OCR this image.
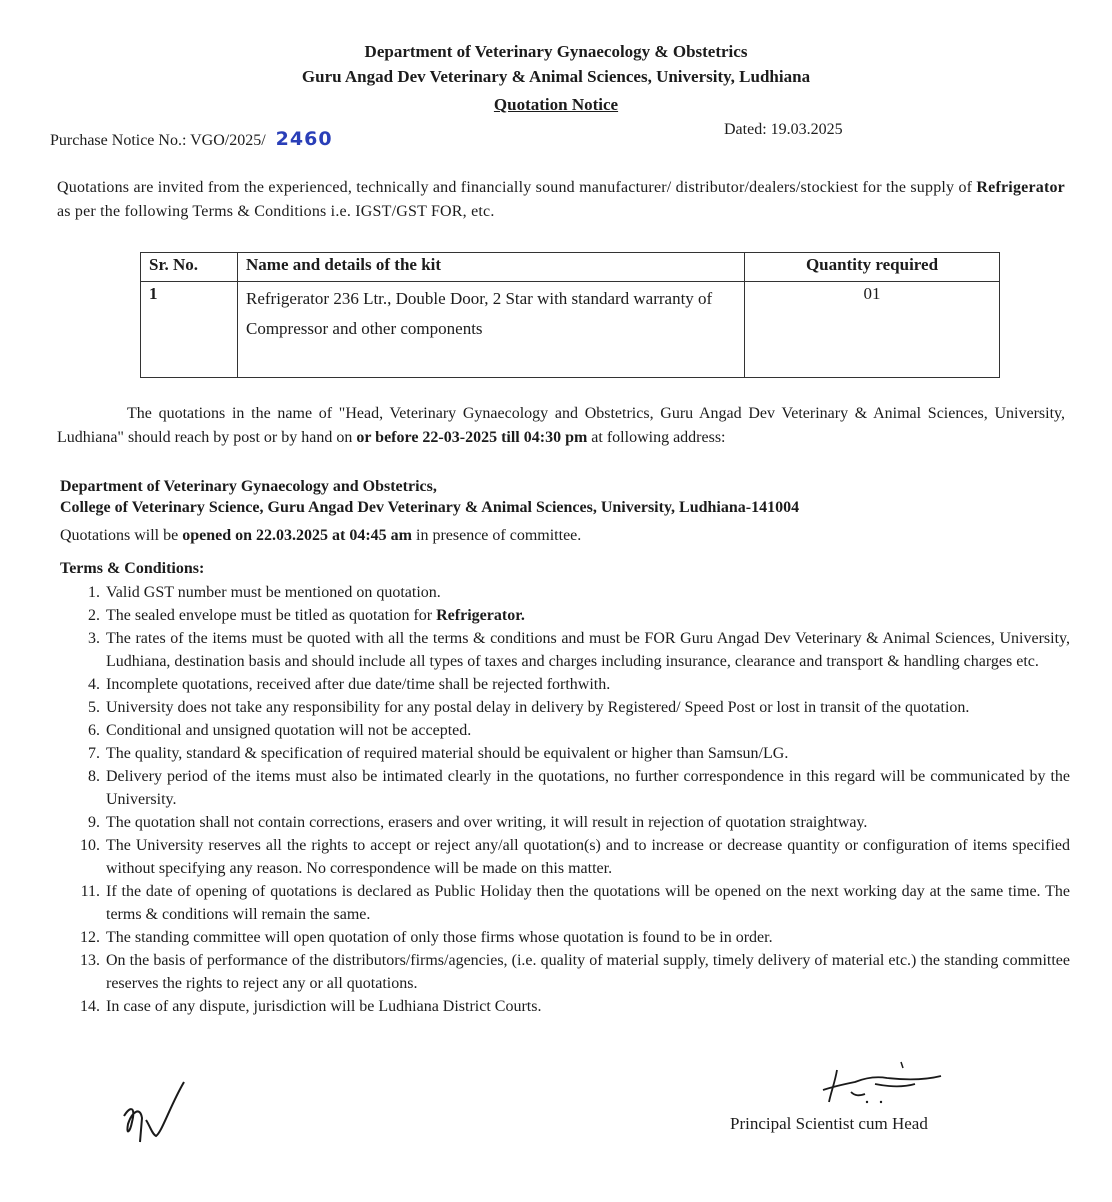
Department of Veterinary Gynaecology & Obstetrics
Guru Angad Dev Veterinary & Animal Sciences, University, Ludhiana
Quotation Notice
Purchase Notice No.: VGO/2025/ 2460	Dated: 19.03.2025
Quotations are invited from the experienced, technically and financially sound manufacturer/ distributor/dealers/stockiest for the supply of Refrigerator as per the following Terms & Conditions i.e. IGST/GST FOR, etc.
Sr. No.	Name and details of the kit	Quantity required
1	Refrigerator 236 Ltr., Double Door, 2 Star with standard warranty of Compressor and other components	01
The quotations in the name of "Head, Veterinary Gynaecology and Obstetrics, Guru Angad Dev Veterinary & Animal Sciences, University, Ludhiana" should reach by post or by hand on or before 22-03-2025 till 04:30 pm at following address:
Department of Veterinary Gynaecology and Obstetrics,
College of Veterinary Science, Guru Angad Dev Veterinary & Animal Sciences, University, Ludhiana-141004
Quotations will be opened on 22.03.2025 at 04:45 am in presence of committee.
Terms & Conditions:
1. Valid GST number must be mentioned on quotation.
2. The sealed envelope must be titled as quotation for Refrigerator.
3. The rates of the items must be quoted with all the terms & conditions and must be FOR Guru Angad Dev Veterinary & Animal Sciences, University, Ludhiana, destination basis and should include all types of taxes and charges including insurance, clearance and transport & handling charges etc.
4. Incomplete quotations, received after due date/time shall be rejected forthwith.
5. University does not take any responsibility for any postal delay in delivery by Registered/ Speed Post or lost in transit of the quotation.
6. Conditional and unsigned quotation will not be accepted.
7. The quality, standard & specification of required material should be equivalent or higher than Samsun/LG.
8. Delivery period of the items must also be intimated clearly in the quotations, no further correspondence in this regard will be communicated by the University.
9. The quotation shall not contain corrections, erasers and over writing, it will result in rejection of quotation straightway.
10. The University reserves all the rights to accept or reject any/all quotation(s) and to increase or decrease quantity or configuration of items specified without specifying any reason. No correspondence will be made on this matter.
11. If the date of opening of quotations is declared as Public Holiday then the quotations will be opened on the next working day at the same time. The terms & conditions will remain the same.
12. The standing committee will open quotation of only those firms whose quotation is found to be in order.
13. On the basis of performance of the distributors/firms/agencies, (i.e. quality of material supply, timely delivery of material etc.) the standing committee reserves the rights to reject any or all quotations.
14. In case of any dispute, jurisdiction will be Ludhiana District Courts.
Principal Scientist cum Head
